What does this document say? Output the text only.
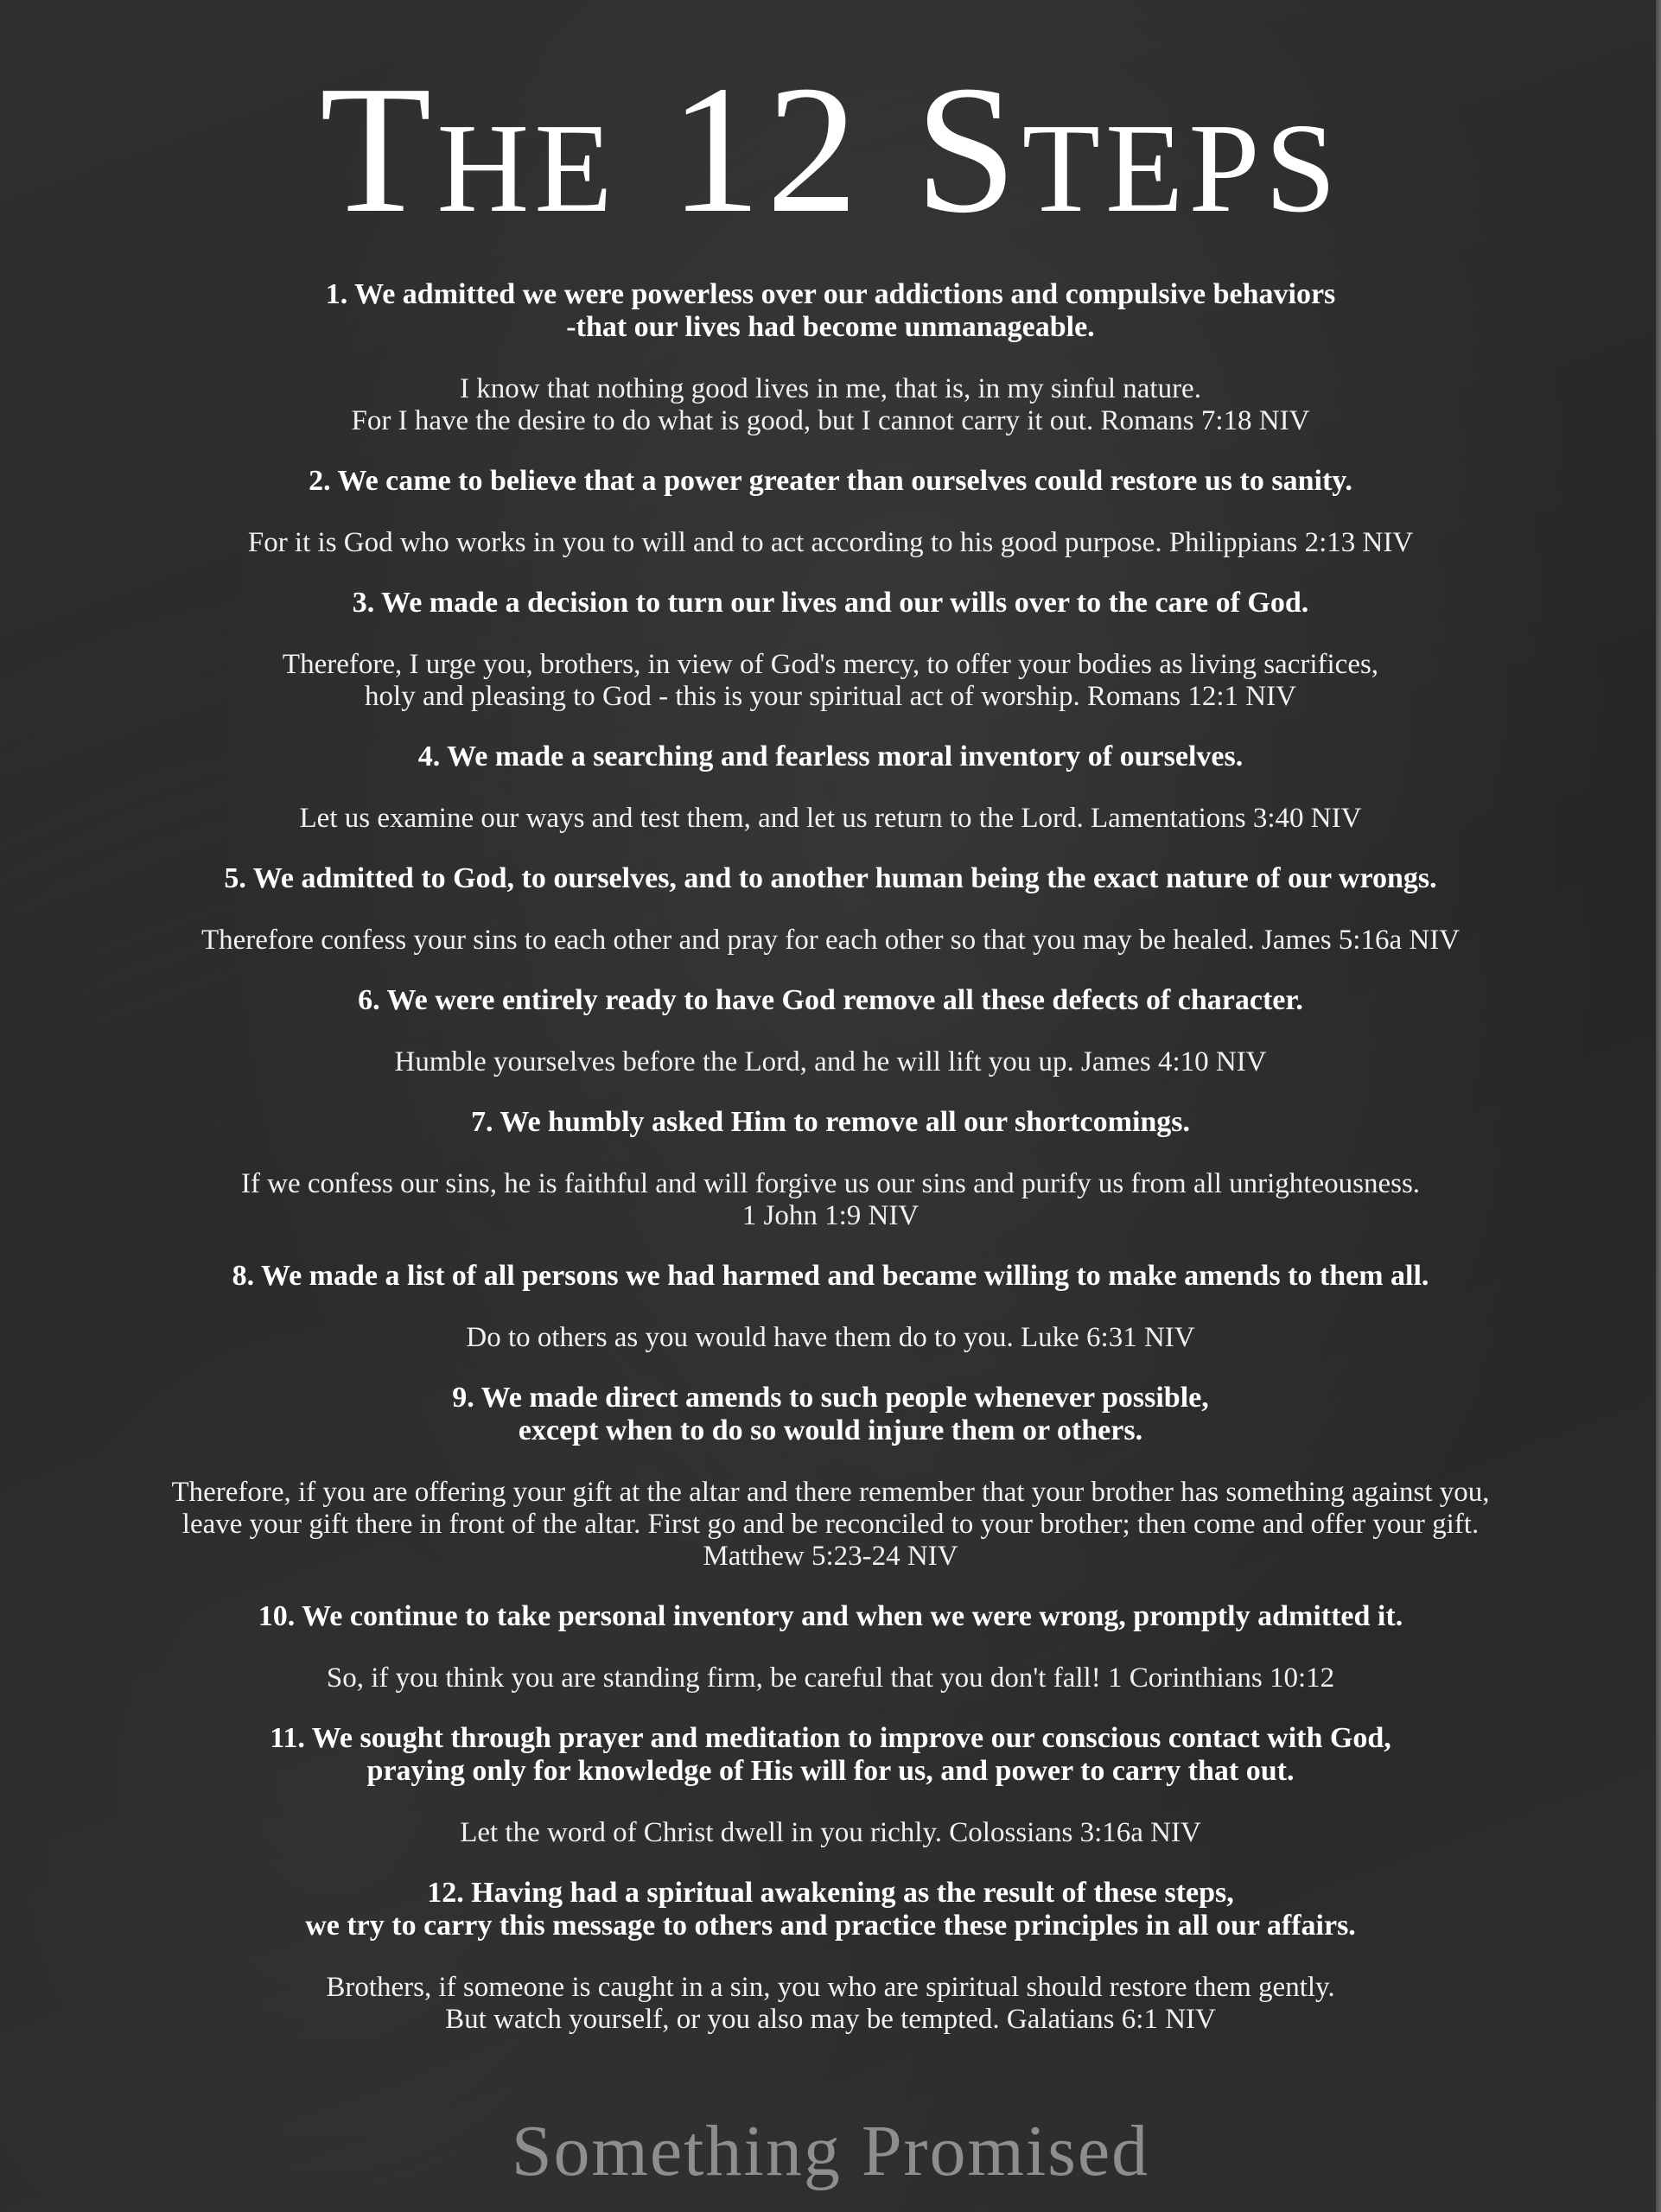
The 12 Steps

1. We admitted we were powerless over our addictions and compulsive behaviors
-that our lives had become unmanageable.

I know that nothing good lives in me, that is, in my sinful nature.
For I have the desire to do what is good, but I cannot carry it out. Romans 7:18 NIV

2. We came to believe that a power greater than ourselves could restore us to sanity.

For it is God who works in you to will and to act according to his good purpose. Philippians 2:13 NIV

3. We made a decision to turn our lives and our wills over to the care of God.

Therefore, I urge you, brothers, in view of God's mercy, to offer your bodies as living sacrifices,
holy and pleasing to God - this is your spiritual act of worship. Romans 12:1 NIV

4. We made a searching and fearless moral inventory of ourselves.

Let us examine our ways and test them, and let us return to the Lord. Lamentations 3:40 NIV

5. We admitted to God, to ourselves, and to another human being the exact nature of our wrongs.

Therefore confess your sins to each other and pray for each other so that you may be healed. James 5:16a NIV

6. We were entirely ready to have God remove all these defects of character.

Humble yourselves before the Lord, and he will lift you up. James 4:10 NIV

7. We humbly asked Him to remove all our shortcomings.

If we confess our sins, he is faithful and will forgive us our sins and purify us from all unrighteousness.
1 John 1:9 NIV

8. We made a list of all persons we had harmed and became willing to make amends to them all.

Do to others as you would have them do to you. Luke 6:31 NIV

9. We made direct amends to such people whenever possible,
except when to do so would injure them or others.

Therefore, if you are offering your gift at the altar and there remember that your brother has something against you,
leave your gift there in front of the altar. First go and be reconciled to your brother; then come and offer your gift.
Matthew 5:23-24 NIV

10. We continue to take personal inventory and when we were wrong, promptly admitted it.

So, if you think you are standing firm, be careful that you don't fall! 1 Corinthians 10:12

11. We sought through prayer and meditation to improve our conscious contact with God,
praying only for knowledge of His will for us, and power to carry that out.

Let the word of Christ dwell in you richly. Colossians 3:16a NIV

12. Having had a spiritual awakening as the result of these steps,
we try to carry this message to others and practice these principles in all our affairs.

Brothers, if someone is caught in a sin, you who are spiritual should restore them gently.
But watch yourself, or you also may be tempted. Galatians 6:1 NIV

Something Promised
